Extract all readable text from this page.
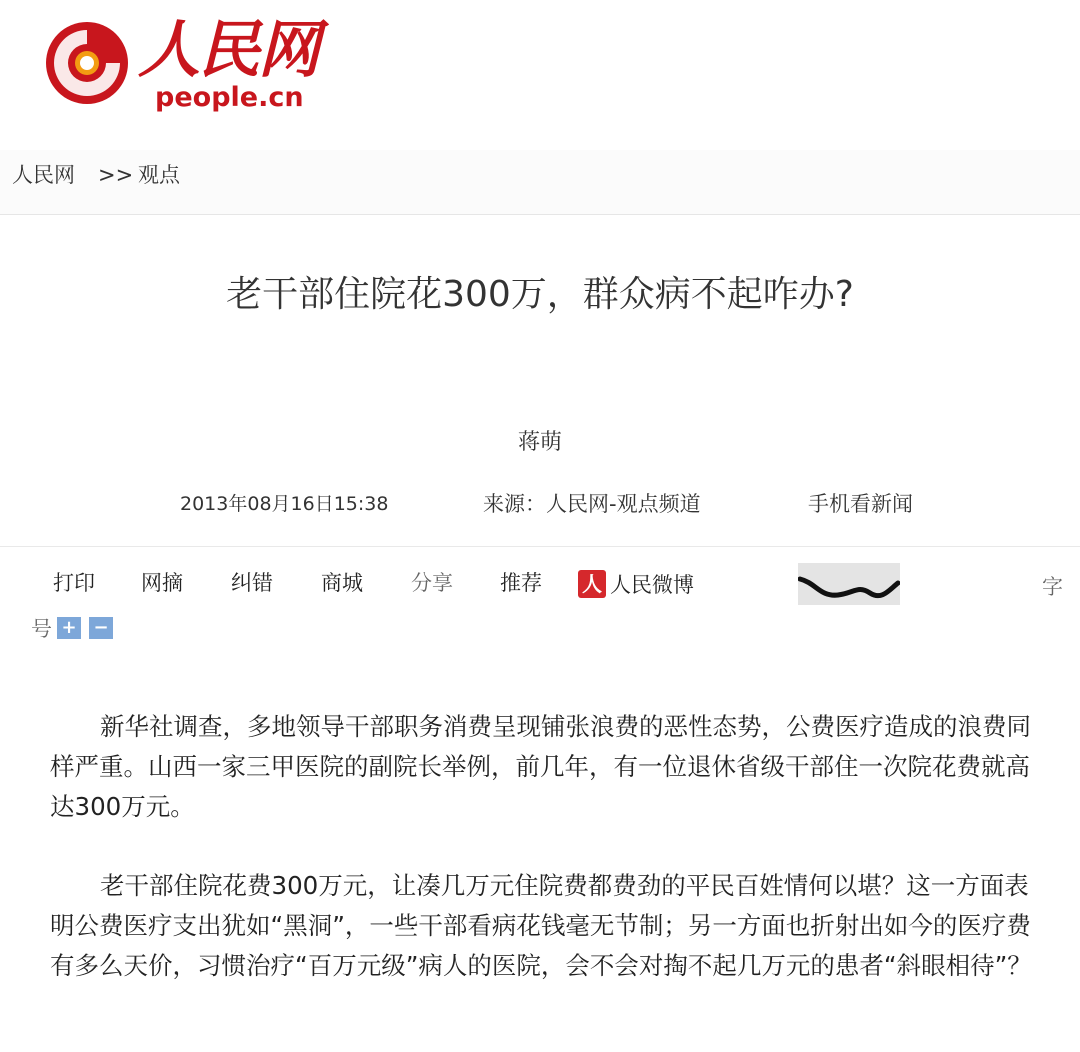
人民网
people.cn
人民网 >> 观点
老干部住院花300万，群众病不起咋办?
蒋萌
2013年08月16日15:38	来源：人民网-观点频道	手机看新闻
打印 网摘 纠错 商城 分享 推荐 人 人民微博	字
号 + −

新华社调查，多地领导干部职务消费呈现铺张浪费的恶性态势，公费医疗造成的浪费同样严重。山西一家三甲医院的副院长举例，前几年，有一位退休省级干部住一次院花费就高达300万元。

老干部住院花费300万元，让凑几万元住院费都费劲的平民百姓情何以堪？这一方面表明公费医疗支出犹如“黑洞”，一些干部看病花钱毫无节制；另一方面也折射出如今的医疗费有多么天价，习惯治疗“百万元级”病人的医院，会不会对掏不起几万元的患者“斜眼相待”？
